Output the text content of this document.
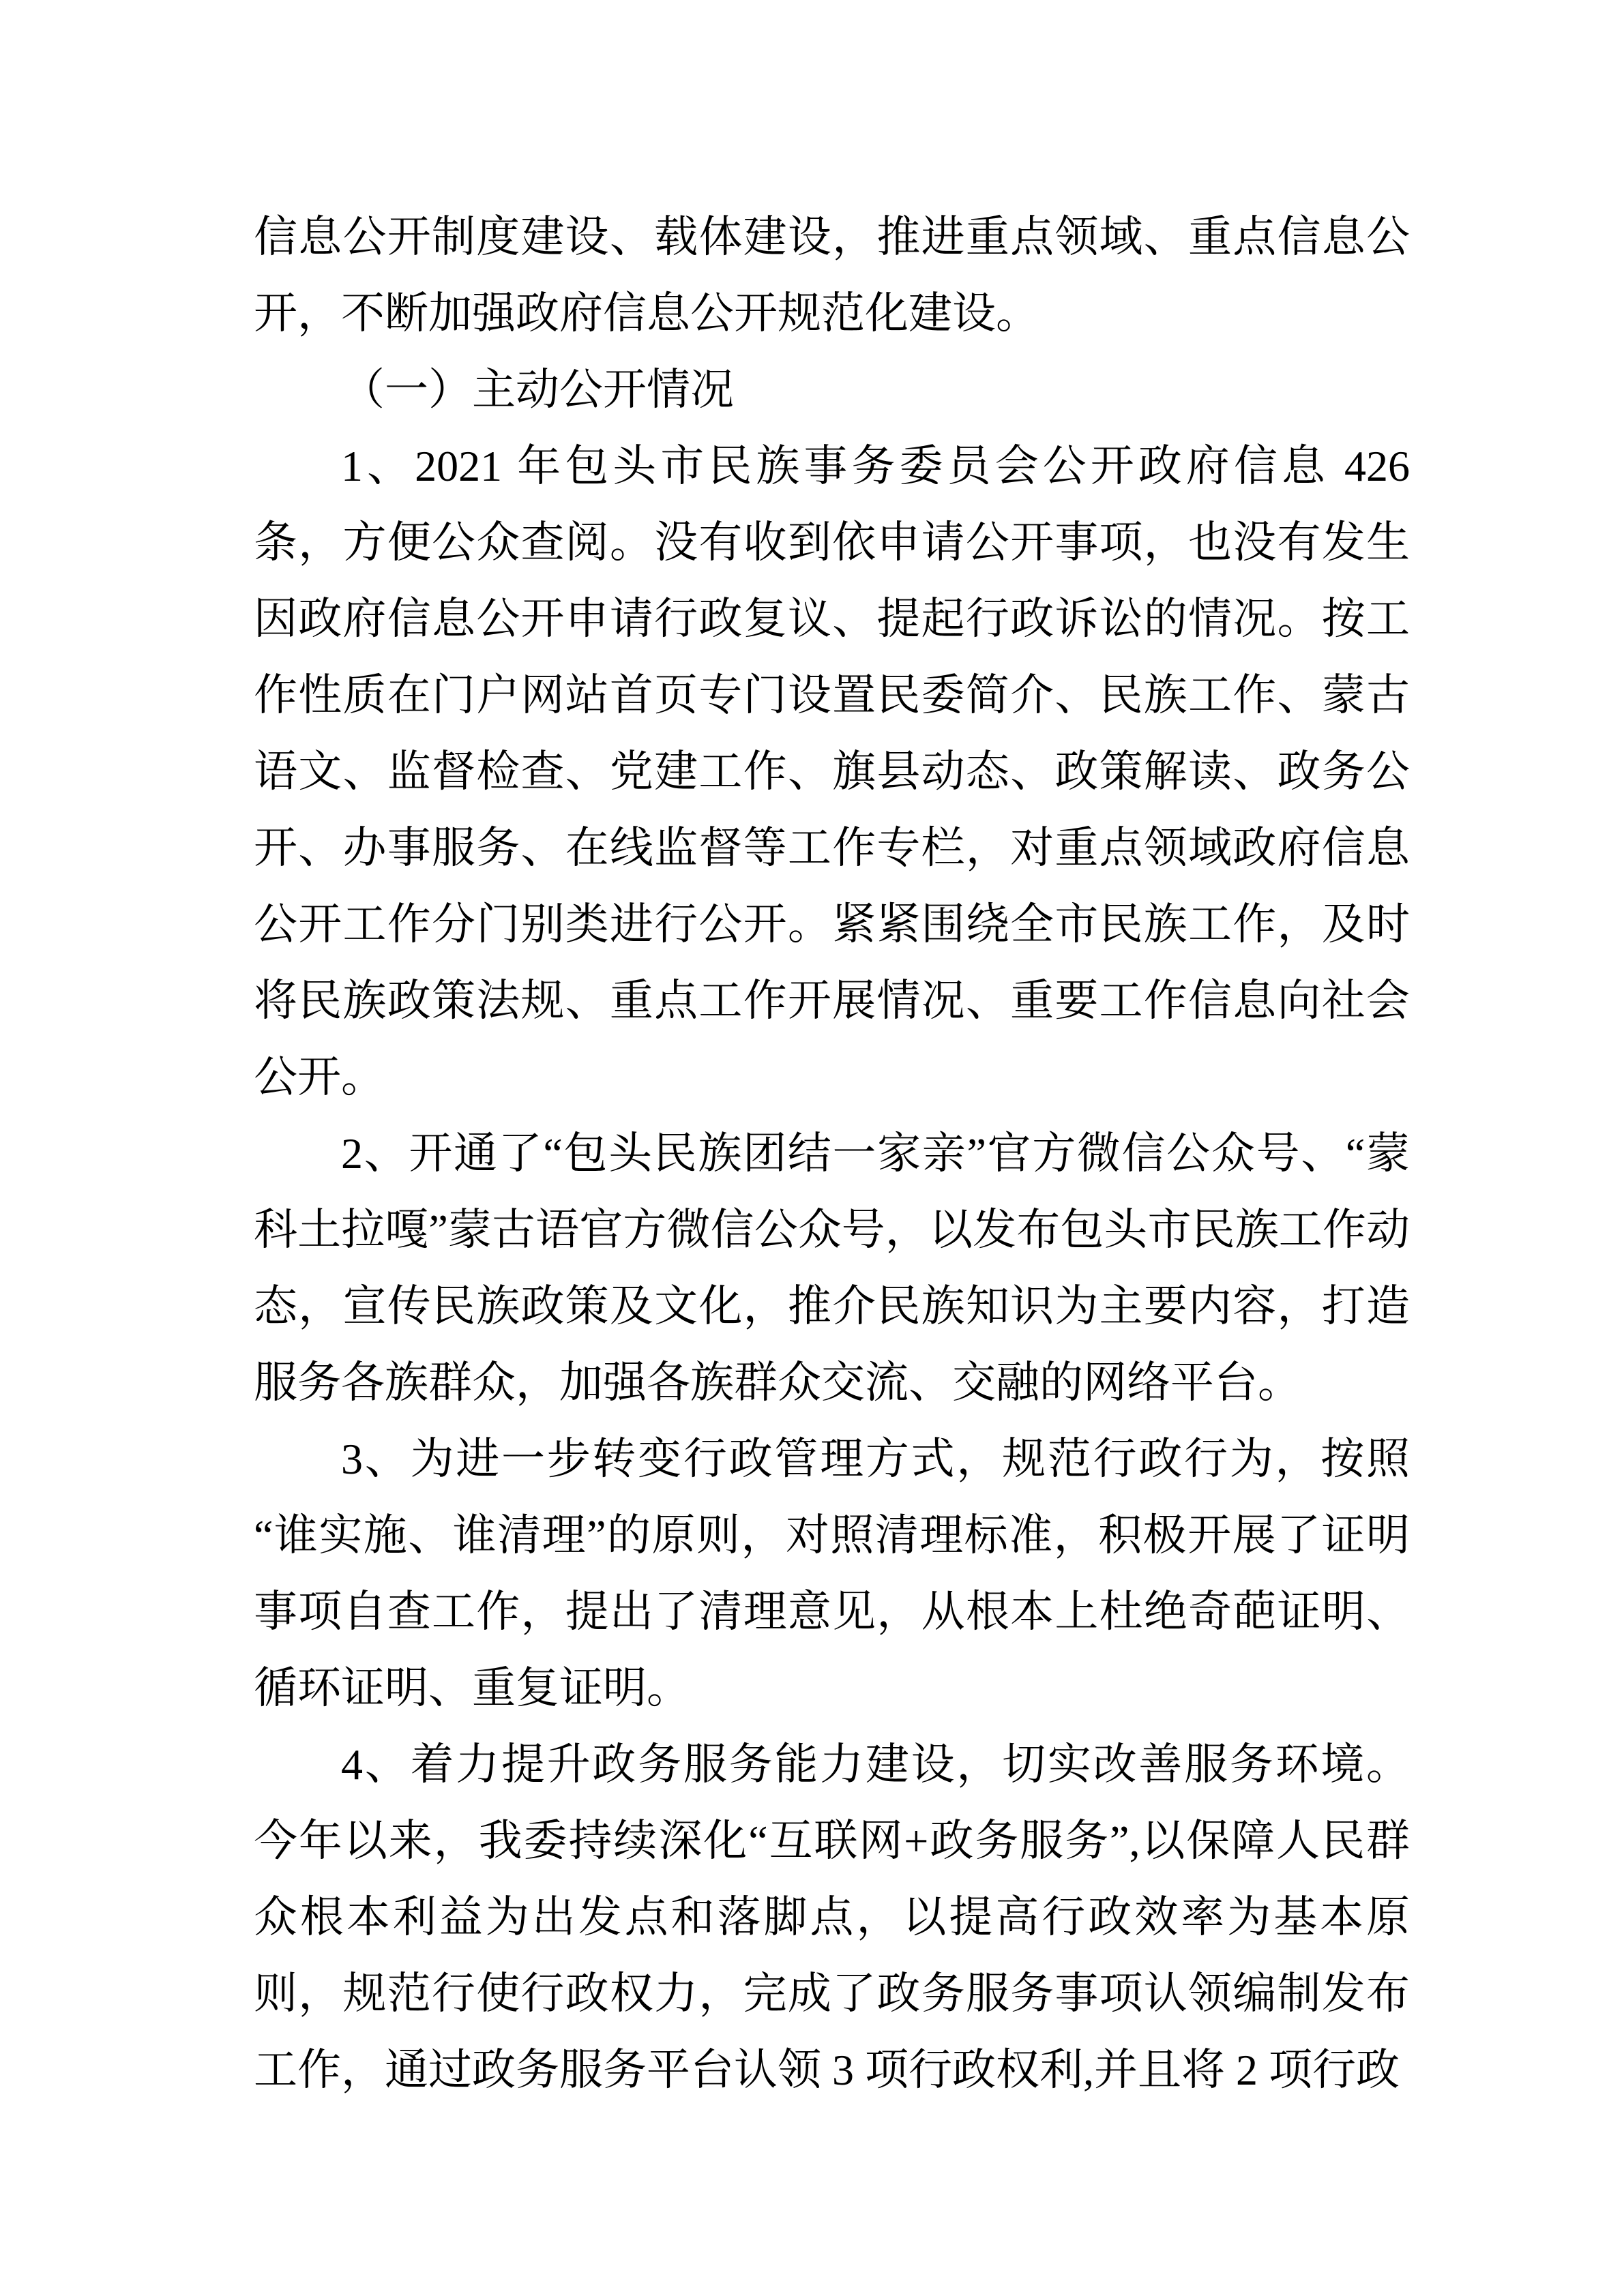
信息公开制度建设、载体建设，推进重点领域、重点信息公开，不断加强政府信息公开规范化建设。

（一）主动公开情况

1、2021 年包头市民族事务委员会公开政府信息 426 条，方便公众查阅。没有收到依申请公开事项，也没有发生因政府信息公开申请行政复议、提起行政诉讼的情况。按工作性质在门户网站首页专门设置民委简介、民族工作、蒙古语文、监督检查、党建工作、旗县动态、政策解读、政务公开、办事服务、在线监督等工作专栏，对重点领域政府信息公开工作分门别类进行公开。紧紧围绕全市民族工作，及时将民族政策法规、重点工作开展情况、重要工作信息向社会公开。

2、开通了“包头民族团结一家亲”官方微信公众号、“蒙科土拉嘎”蒙古语官方微信公众号，以发布包头市民族工作动态，宣传民族政策及文化，推介民族知识为主要内容，打造服务各族群众，加强各族群众交流、交融的网络平台。

3、为进一步转变行政管理方式，规范行政行为，按照“谁实施、谁清理”的原则，对照清理标准，积极开展了证明事项自查工作，提出了清理意见，从根本上杜绝奇葩证明、循环证明、重复证明。

4、着力提升政务服务能力建设，切实改善服务环境。今年以来，我委持续深化“互联网+政务服务”,以保障人民群众根本利益为出发点和落脚点，以提高行政效率为基本原则，规范行使行政权力，完成了政务服务事项认领编制发布工作，通过政务服务平台认领 3 项行政权利,并且将 2 项行政
